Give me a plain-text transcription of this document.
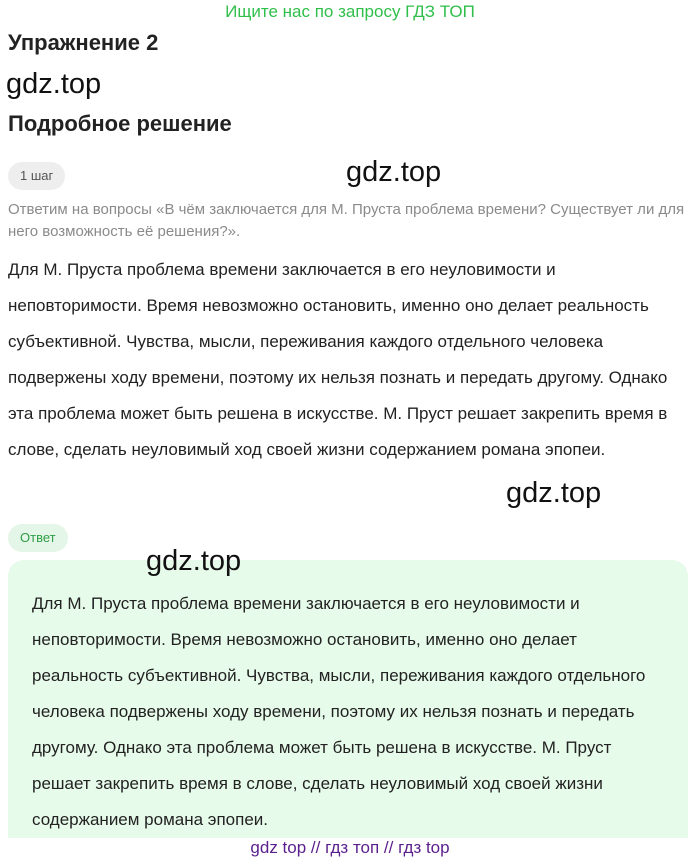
Ищите нас по запросу ГДЗ ТОП
Упражнение 2
gdz.top
Подробное решение
1 шаг	gdz.top
Ответим на вопросы «В чём заключается для М. Пруста проблема времени? Существует ли для него возможность её решения?».
Для М. Пруста проблема времени заключается в его неуловимости и неповторимости. Время невозможно остановить, именно оно делает реальность субъективной. Чувства, мысли, переживания каждого отдельного человека подвержены ходу времени, поэтому их нельзя познать и передать другому. Однако эта проблема может быть решена в искусстве. М. Пруст решает закрепить время в слове, сделать неуловимый ход своей жизни содержанием романа эпопеи.
gdz.top
Ответ
Для М. Пруста проблема времени заключается в его неуловимости и неповторимости. Время невозможно остановить, именно оно делает реальность субъективной. Чувства, мысли, переживания каждого отдельного человека подвержены ходу времени, поэтому их нельзя познать и передать другому. Однако эта проблема может быть решена в искусстве. М. Пруст решает закрепить время в слове, сделать неуловимый ход своей жизни содержанием романа эпопеи.
gdz.top
gdz top // гдз топ // гдз top
